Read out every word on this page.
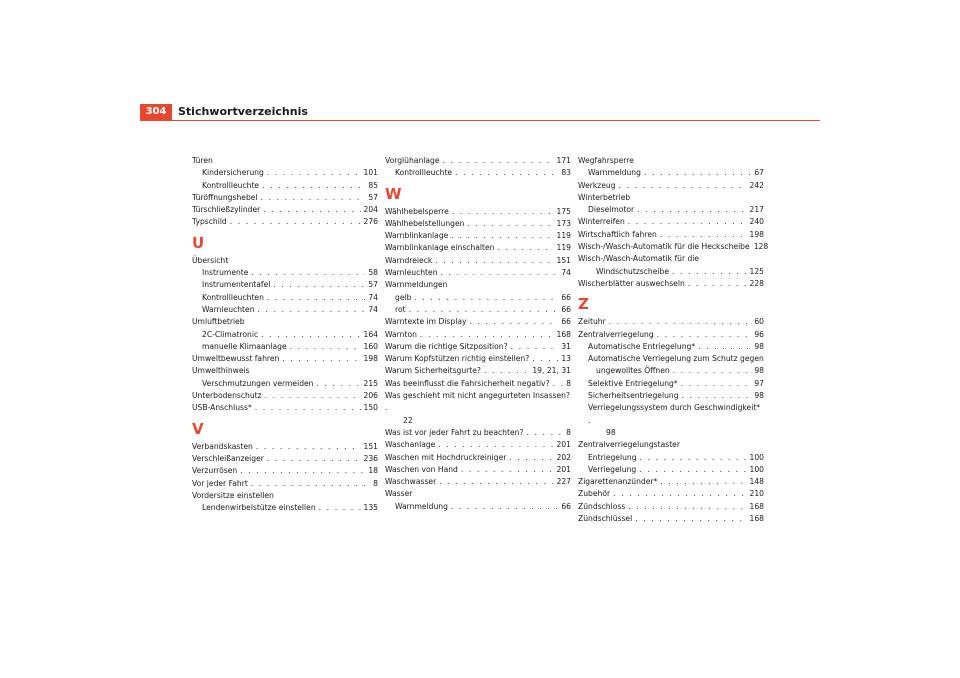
304	Stichwortverzeichnis
Türen
Kindersicherung . . .	101
Kontrollleuchte . . .	85
Türöffnungshebel . . .	57
Türschließzylinder . . .	204
Typschild . . .	276
U
Übersicht
Instrumente . . .	58
Instrumententafel . . .	57
Kontrollleuchten . . .	74
Warnleuchten . . .	74
Umluftbetrieb
2C-Climatronic . . .	164
manuelle Klimaanlage . . .	160
Umweltbewusst fahren . . .	198
Umwelthinweis
Verschmutzungen vermeiden . . .	215
Unterbodenschutz . . .	206
USB-Anschluss* . . .	150
V
Verbandskasten . . .	151
Verschleißanzeiger . . .	236
Verzurrösen . . .	18
Vor jeder Fahrt . . .	8
Vordersitze einstellen
Lendenwirbelstütze einstellen . . .	135
Vorglühanlage . . .	171
Kontrollleuchte . . .	83
W
Wählhebelsperre . . .	175
Wählhebelstellungen . . .	173
Warnblinkanlage . . .	119
Warnblinkanlage einschalten . . .	119
Warndreieck . . .	151
Warnleuchten . . .	74
Warnmeldungen
gelb . . .	66
rot . . .	66
Warntexte im Display . . .	66
Warnton . . .	168
Warum die richtige Sitzposition? . . .	31
Warum Kopfstützen richtig einstellen? . . .	13
Warum Sicherheitsgurte? . . .	19, 21, 31
Was beeinflusst die Fahrsicherheit negativ? . . . 8
Was geschieht mit nicht angegurteten Insassen? .
22
Was ist vor jeder Fahrt zu beachten? . . .	8
Waschanlage . . .	201
Waschen mit Hochdruckreiniger . . .	202
Waschen von Hand . . .	201
Waschwasser . . .	227
Wasser
Warnmeldung . . .	66
Wegfahrsperre
Warnmeldung . . .	67
Werkzeug . . .	242
Winterbetrieb
Dieselmotor . . .	217
Winterreifen . . .	240
Wirtschaftlich fahren . . .	198
Wisch-/Wasch-Automatik für die Heckscheibe 128
Wisch-/Wasch-Automatik für die
Windschutzscheibe . . .	125
Wischerblätter auswechseln . . .	228
Z
Zeituhr . . .	60
Zentralverriegelung . . .	96
Automatische Entriegelung* . . .	98
Automatische Verriegelung zum Schutz gegen
ungewolltes Öffnen . . .	98
Selektive Entriegelung* . . .	97
Sicherheitsentriegelung . . .	98
Verriegelungssystem durch Geschwindigkeit* .
98
Zentralverriegelungstaster
Entriegelung . . .	100
Verriegelung . . .	100
Zigarettenanzünder* . . .	148
Zubehör . . .	210
Zündschloss . . .	168
Zündschlüssel . . .	168
